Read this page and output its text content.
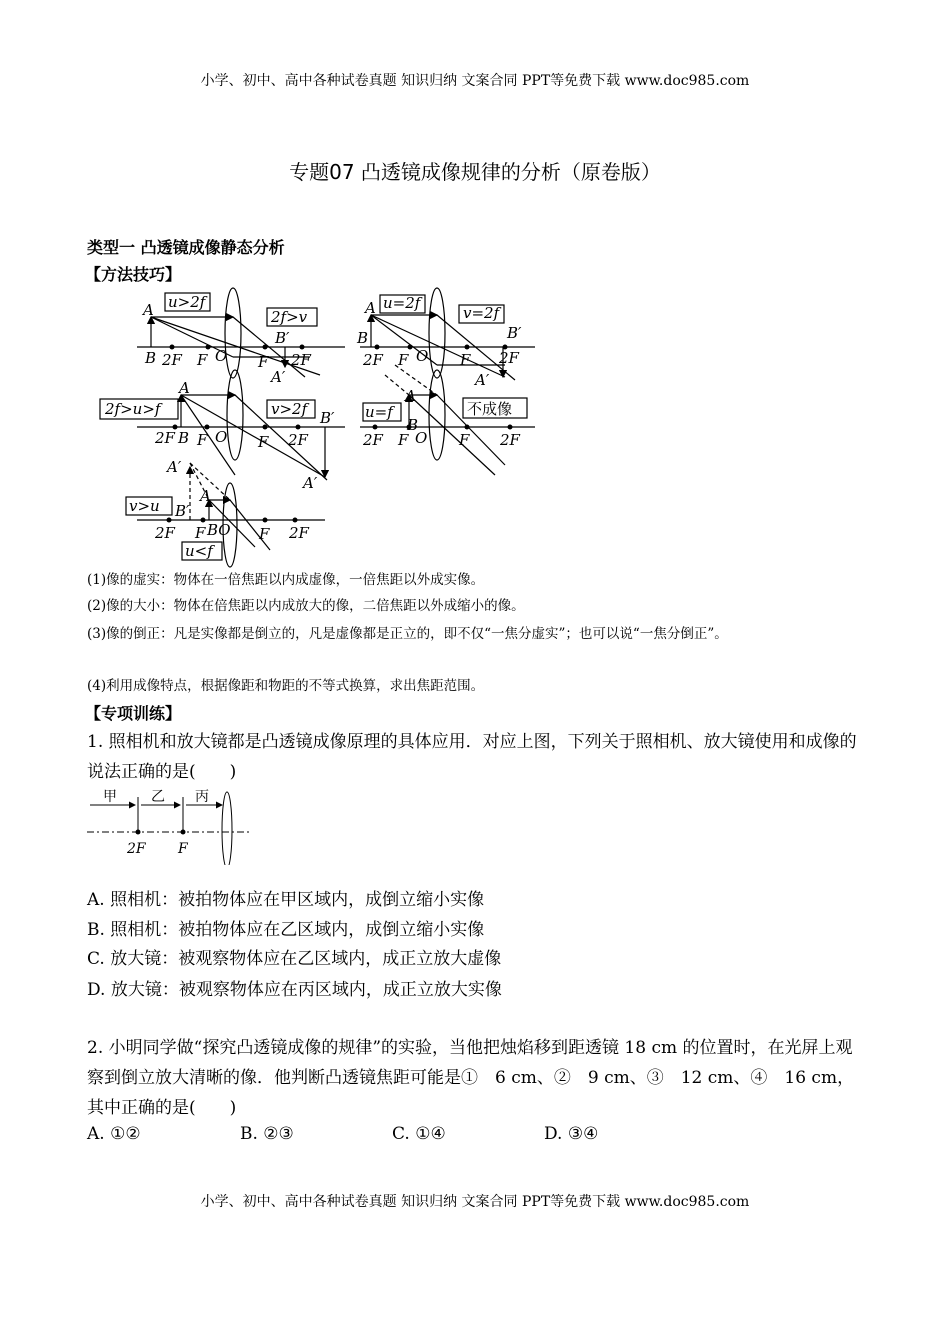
小学、初中、高中各种试卷真题 知识归纳 文案合同 PPT等免费下载 www.doc985.com
专题07 凸透镜成像规律的分析（原卷版）
类型一 凸透镜成像静态分析
【方法技巧】
u>2f
2f>v
A
B 2F F O
B′
F 2F
A′
u=2f
v=2f
A
B
2F F O
B′
F 2F
A′
2f>u>f	v>2f
A
2F B F O F 2F
B′
A′
u=f	不成像
A
B
2F F O F 2F
v>u
u<f
A′
B′
A
2F F BO F 2F
(1)像的虚实：物体在一倍焦距以内成虚像，一倍焦距以外成实像。
(2)像的大小：物体在倍焦距以内成放大的像，二倍焦距以外成缩小的像。
(3)像的倒正：凡是实像都是倒立的，凡是虚像都是正立的，即不仅“一焦分虚实”；也可以说“一焦分倒正”。
(4)利用成像特点，根据像距和物距的不等式换算，求出焦距范围。
【专项训练】
1. 照相机和放大镜都是凸透镜成像原理的具体应用．对应上图，下列关于照相机、放大镜使用和成像的说法正确的是(　　)
甲 乙 丙
2F F
A. 照相机：被拍物体应在甲区域内，成倒立缩小实像
B. 照相机：被拍物体应在乙区域内，成倒立缩小实像
C. 放大镜：被观察物体应在乙区域内，成正立放大虚像
D. 放大镜：被观察物体应在丙区域内，成正立放大实像
2. 小明同学做“探究凸透镜成像的规律”的实验，当他把烛焰移到距透镜 18 cm 的位置时，在光屏上观察到倒立放大清晰的像．他判断凸透镜焦距可能是①　6 cm、②　9 cm、③　12 cm、④　16 cm，其中正确的是(　　)
A. ①②	B. ②③	C. ①④	D. ③④
小学、初中、高中各种试卷真题 知识归纳 文案合同 PPT等免费下载 www.doc985.com
